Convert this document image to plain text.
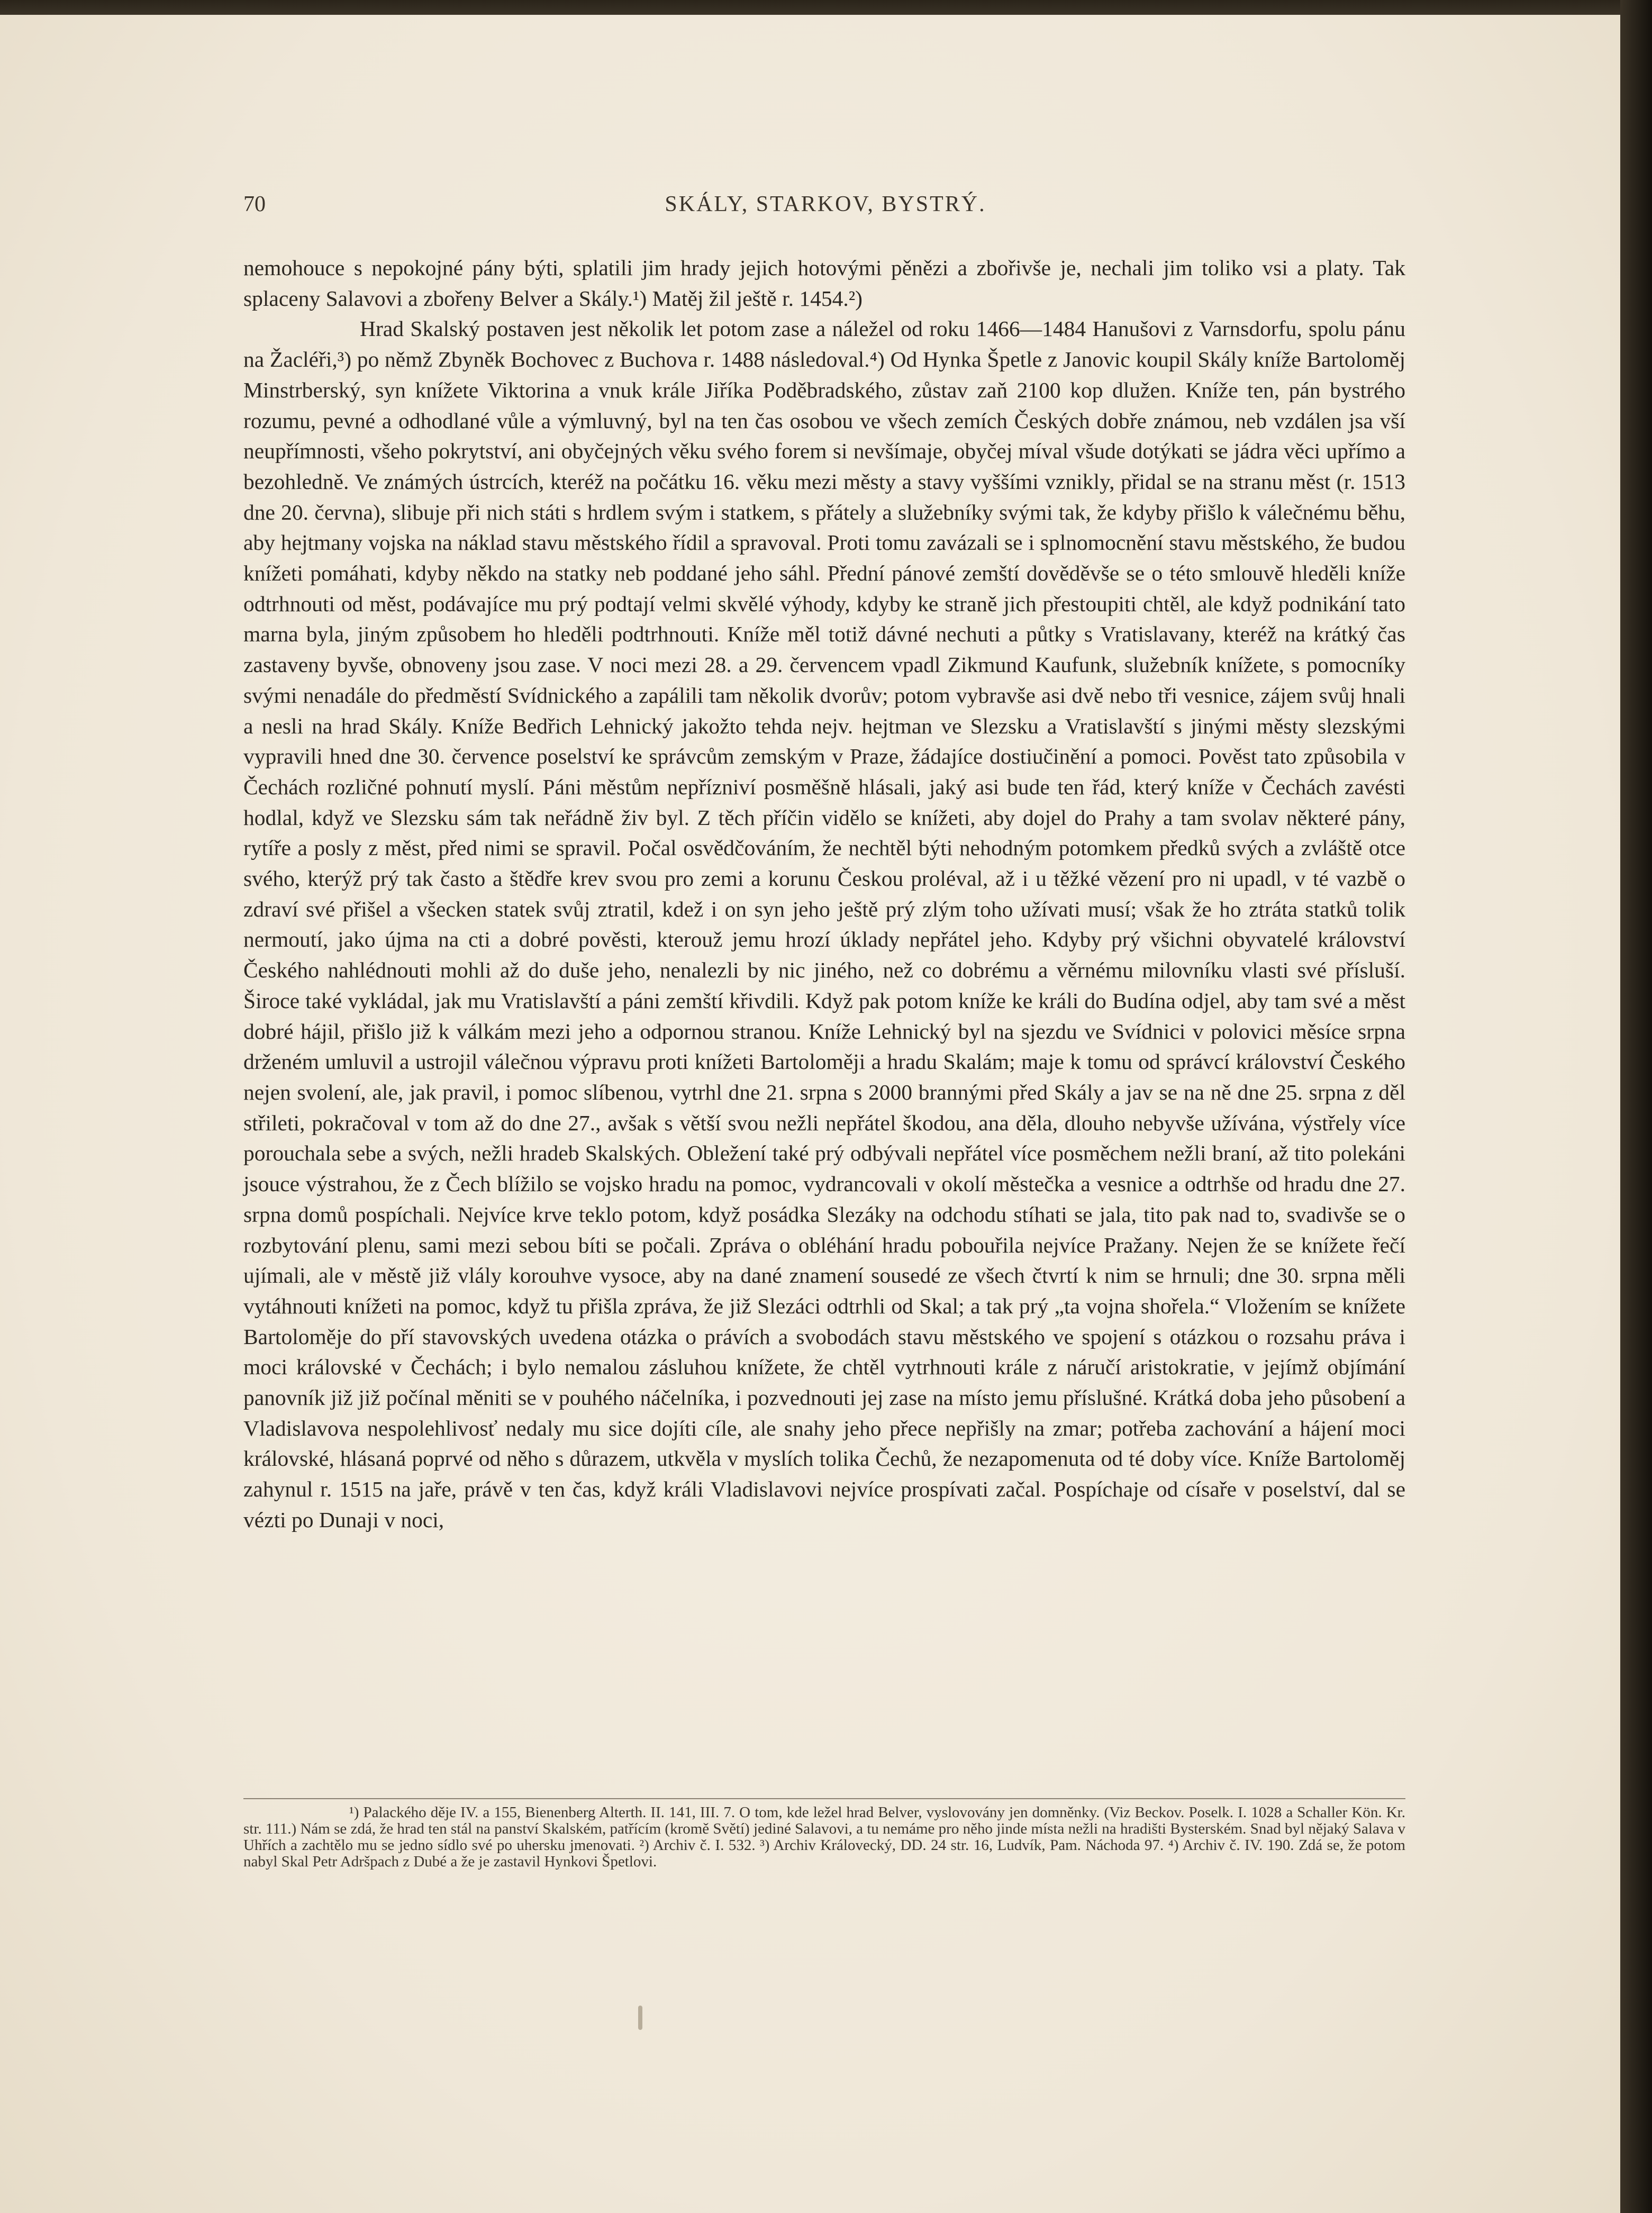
70	SKÁLY, STARKOV, BYSTRÝ.

nemohouce s nepokojné pány býti, splatili jim hrady jejich hotovými pěnězi a zbořivše je, nechali jim toliko vsi a platy. Tak splaceny Salavovi a zbořeny Belver a Skály.¹) Matěj žil ještě r. 1454.²)

Hrad Skalský postaven jest několik let potom zase a náležel od roku 1466—1484 Hanušovi z Varnsdorfu, spolu pánu na Žacléři,³) po němž Zbyněk Bochovec z Buchova r. 1488 následoval.⁴) Od Hynka Špetle z Janovic koupil Skály kníže Bartoloměj Minstrberský, syn knížete Viktorina a vnuk krále Jiříka Poděbradského, zůstav zaň 2100 kop dlužen. Kníže ten, pán bystrého rozumu, pevné a odhodlané vůle a výmluvný, byl na ten čas osobou ve všech zemích Českých dobře známou, neb vzdálen jsa vší neupřímnosti, všeho pokrytství, ani obyčejných věku svého forem si nevšímaje, obyčej míval všude dotýkati se jádra věci upřímo a bezohledně. Ve známých ústrcích, kteréž na počátku 16. věku mezi městy a stavy vyššími vznikly, přidal se na stranu měst (r. 1513 dne 20. června), slibuje při nich státi s hrdlem svým i statkem, s přátely a služebníky svými tak, že kdyby přišlo k válečnému běhu, aby hejtmany vojska na náklad stavu městského řídil a spravoval. Proti tomu zavázali se i splnomocnění stavu městského, že budou knížeti pomáhati, kdyby někdo na statky neb poddané jeho sáhl. Přední pánové zemští dověděvše se o této smlouvě hleděli kníže odtrhnouti od měst, podávajíce mu prý podtají velmi skvělé výhody, kdyby ke straně jich přestoupiti chtěl, ale když podnikání tato marna byla, jiným způsobem ho hleděli podtrhnouti. Kníže měl totiž dávné nechuti a půtky s Vratislavany, kteréž na krátký čas zastaveny byvše, obnoveny jsou zase. V noci mezi 28. a 29. červencem vpadl Zikmund Kaufunk, služebník knížete, s pomocníky svými nenadále do předměstí Svídnického a zapálili tam několik dvorův; potom vybravše asi dvě nebo tři vesnice, zájem svůj hnali a nesli na hrad Skály. Kníže Bedřich Lehnický jakožto tehda nejv. hejtman ve Slezsku a Vratislavští s jinými městy slezskými vypravili hned dne 30. července poselství ke správcům zemským v Praze, žádajíce dostiučinění a pomoci. Pověst tato způsobila v Čechách rozličné pohnutí myslí. Páni městům nepřízniví posměšně hlásali, jaký asi bude ten řád, který kníže v Čechách zavésti hodlal, když ve Slezsku sám tak neřádně živ byl. Z těch příčin vidělo se knížeti, aby dojel do Prahy a tam svolav některé pány, rytíře a posly z měst, před nimi se spravil. Počal osvědčováním, že nechtěl býti nehodným potomkem předků svých a zvláště otce svého, kterýž prý tak často a štědře krev svou pro zemi a korunu Českou proléval, až i u těžké vězení pro ni upadl, v té vazbě o zdraví své přišel a všecken statek svůj ztratil, kdež i on syn jeho ještě prý zlým toho užívati musí; však že ho ztráta statků tolik nermoutí, jako újma na cti a dobré pověsti, kterouž jemu hrozí úklady nepřátel jeho. Kdyby prý všichni obyvatelé království Českého nahlédnouti mohli až do duše jeho, nenalezli by nic jiného, než co dobrému a věrnému milovníku vlasti své přísluší. Široce také vykládal, jak mu Vratislavští a páni zemští křivdili. Když pak potom kníže ke králi do Budína odjel, aby tam své a měst dobré hájil, přišlo již k válkám mezi jeho a odpornou stranou. Kníže Lehnický byl na sjezdu ve Svídnici v polovici měsíce srpna drženém umluvil a ustrojil válečnou výpravu proti knížeti Bartoloměji a hradu Skalám; maje k tomu od správcí království Českého nejen svolení, ale, jak pravil, i pomoc slíbenou, vytrhl dne 21. srpna s 2000 brannými před Skály a jav se na ně dne 25. srpna z děl střileti, pokračoval v tom až do dne 27., avšak s větší svou nežli nepřátel škodou, ana děla, dlouho nebyvše užívána, výstřely více porouchala sebe a svých, nežli hradeb Skalských. Obležení také prý odbývali nepřátel více posměchem nežli braní, až tito polekáni jsouce výstrahou, že z Čech blížilo se vojsko hradu na pomoc, vydrancovali v okolí městečka a vesnice a odtrhše od hradu dne 27. srpna domů pospíchali. Nejvíce krve teklo potom, když posádka Slezáky na odchodu stíhati se jala, tito pak nad to, svadivše se o rozbytování plenu, sami mezi sebou bíti se počali. Zpráva o obléhání hradu pobouřila nejvíce Pražany. Nejen že se knížete řečí ujímali, ale v městě již vlály korouhve vysoce, aby na dané znamení sousedé ze všech čtvrtí k nim se hrnuli; dne 30. srpna měli vytáhnouti knížeti na pomoc, když tu přišla zpráva, že již Slezáci odtrhli od Skal; a tak prý „ta vojna shořela.“ Vložením se knížete Bartoloměje do pří stavovských uvedena otázka o právích a svobodách stavu městského ve spojení s otázkou o rozsahu práva i moci královské v Čechách; i bylo nemalou zásluhou knížete, že chtěl vytrhnouti krále z náručí aristokratie, v jejímž objímání panovník již již počínal měniti se v pouhého náčelníka, i pozvednouti jej zase na místo jemu příslušné. Krátká doba jeho působení a Vladislavova nespolehlivosť nedaly mu sice dojíti cíle, ale snahy jeho přece nepřišly na zmar; potřeba zachování a hájení moci královské, hlásaná poprvé od něho s důrazem, utkvěla v myslích tolika Čechů, že nezapomenuta od té doby více. Kníže Bartoloměj zahynul r. 1515 na jaře, právě v ten čas, když králi Vladislavovi nejvíce prospívati začal. Pospíchaje od císaře v poselství, dal se vézti po Dunaji v noci,

¹) Palackého děje IV. a 155, Bienenberg Alterth. II. 141, III. 7. O tom, kde ležel hrad Belver, vyslovovány jen domněnky. (Viz Beckov. Poselk. I. 1028 a Schaller Kön. Kr. str. 111.) Nám se zdá, že hrad ten stál na panství Skalském, patřícím (kromě Světí) jediné Salavovi, a tu nemáme pro něho jinde místa nežli na hradišti Bysterském. Snad byl nějaký Salava v Uhřích a zachtělo mu se jedno sídlo své po uhersku jmenovati. ²) Archiv č. I. 532. ³) Archiv Královecký, DD. 24 str. 16, Ludvík, Pam. Náchoda 97. ⁴) Archiv č. IV. 190. Zdá se, že potom nabyl Skal Petr Adršpach z Dubé a že je zastavil Hynkovi Špetlovi.
